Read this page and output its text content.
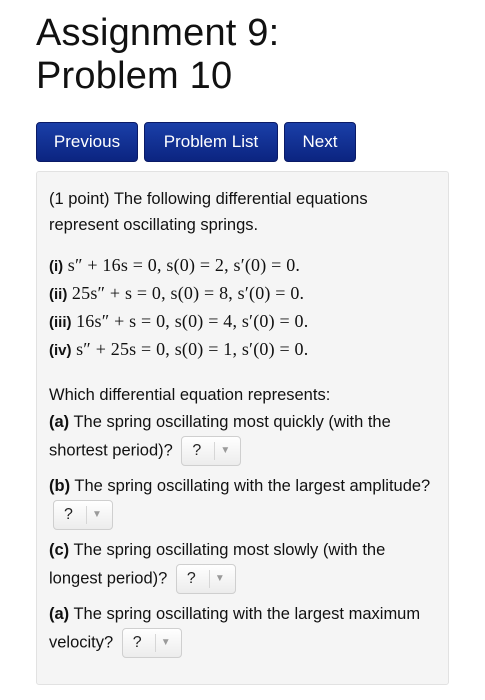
Assignment 9:
Problem 10
Previous	Problem List	Next

(1 point) The following differential equations represent oscillating springs.

(i) s″ + 16s = 0, s(0) = 2, s′(0) = 0.
(ii) 25s″ + s = 0, s(0) = 8, s′(0) = 0.
(iii) 16s″ + s = 0, s(0) = 4, s′(0) = 0.
(iv) s″ + 25s = 0, s(0) = 1, s′(0) = 0.

Which differential equation represents:

(a) The spring oscillating most quickly (with the shortest period)? ? ▼

(b) The spring oscillating with the largest amplitude?
? ▼

(c) The spring oscillating most slowly (with the longest period)? ? ▼

(a) The spring oscillating with the largest maximum velocity? ? ▼
